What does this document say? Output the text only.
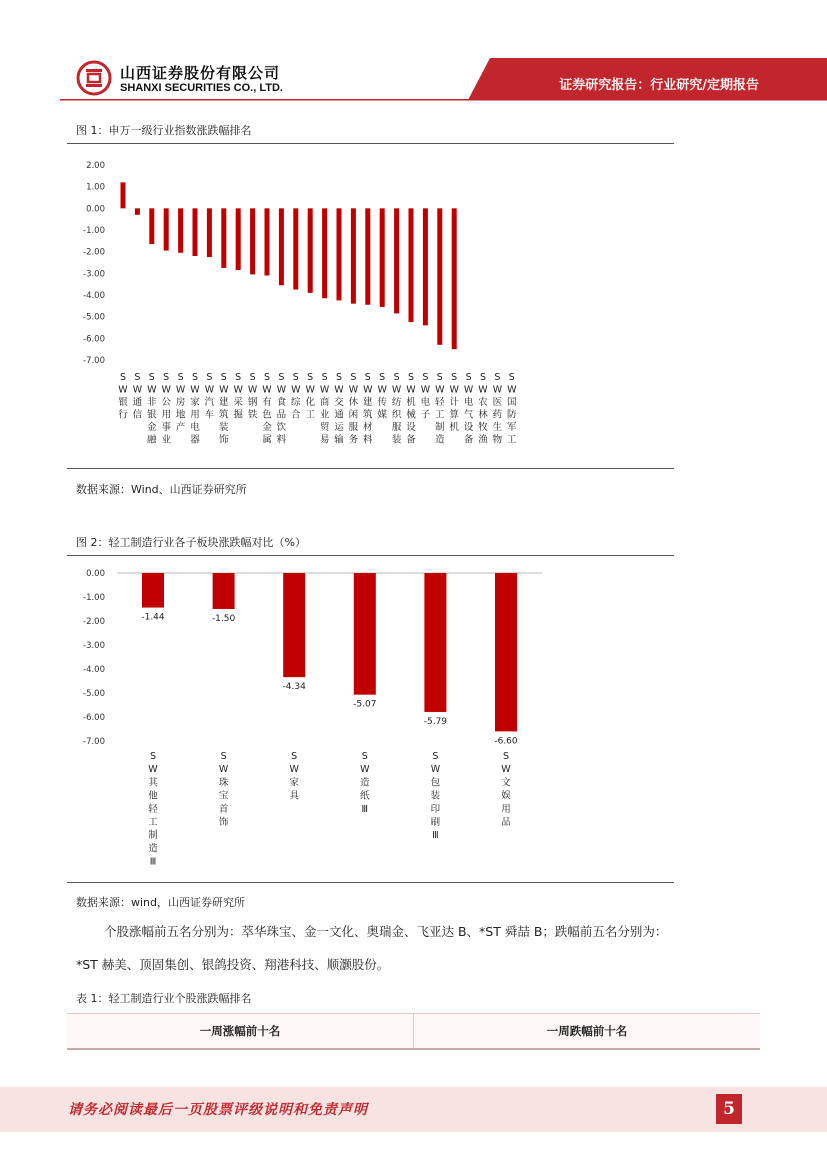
山西证券股份有限公司
SHANXI SECURITIES CO., LTD.	证券研究报告：行业研究/定期报告
图 1：申万一级行业指数涨跌幅排名
2.00
1.00
0.00
-1.00
-2.00
-3.00
-4.00
-5.00
-6.00
-7.00
S W 银行
S W 通信
S W 非银金融
S W 公用事业
S W 房地产
S W 家用电器
S W 汽车
S W 建筑装饰
S W 采掘
S W 钢铁
S W 有色金属
S W 食品饮料
S W 综合
S W 化工
S W 商业贸易
S W 交通运输
S W 休闲服务
S W 建筑材料
S W 传媒
S W 纺织服装
S W 机械设备
S W 电子
S W 轻工制造
S W 计算机
S W 电气设备
S W 农林牧渔
S W 医药生物
S W 国防军工
数据来源：Wind、山西证券研究所
图 2：轻工制造行业各子板块涨跌幅对比（%）
0.00
-1.00
-2.00
-3.00
-4.00
-5.00
-6.00
-7.00
-1.44	-1.50
-4.34
-5.07
-5.79
-6.60
S W 其他轻工制造 Ⅲ
S W 珠宝首饰
S W 家具
S W 造纸 Ⅲ
S W 包装印刷 Ⅲ
S W 文娱用品
数据来源：wind，山西证券研究所
个股涨幅前五名分别为：萃华珠宝、金一文化、奥瑞金、飞亚达 B、*ST 舜喆 B；跌幅前五名分别为：
*ST 赫美、顶固集创、银鸽投资、翔港科技、顺灏股份。
表 1：轻工制造行业个股涨跌幅排名
一周涨幅前十名	一周跌幅前十名
请务必阅读最后一页股票评级说明和免责声明	5
